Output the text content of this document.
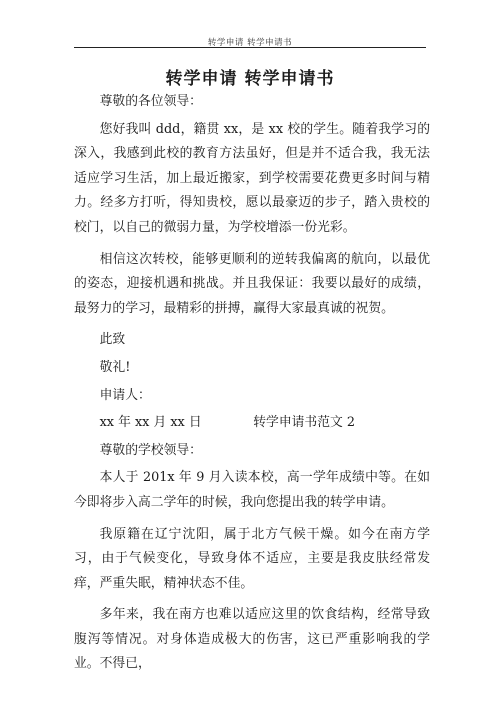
转学申请 转学申请书
转学申请 转学申请书

尊敬的各位领导：

您好我叫 ddd，籍贯 xx，是 xx 校的学生。随着我学习的深入，我感到此校的教育方法虽好，但是并不适合我，我无法适应学习生活，加上最近搬家，到学校需要花费更多时间与精力。经多方打听，得知贵校，愿以最豪迈的步子，踏入贵校的校门，以自己的微弱力量，为学校增添一份光彩。

相信这次转校，能够更顺利的逆转我偏离的航向，以最优的姿态，迎接机遇和挑战。并且我保证：我要以最好的成绩，最努力的学习，最精彩的拼搏，赢得大家最真诚的祝贺。

此致

敬礼!

申请人：

xx 年 xx 月 xx 日	转学申请书范文 2

尊敬的学校领导：

本人于 201x 年 9 月入读本校，高一学年成绩中等。在如今即将步入高二学年的时候，我向您提出我的转学申请。

我原籍在辽宁沈阳，属于北方气候干燥。如今在南方学习，由于气候变化，导致身体不适应，主要是我皮肤经常发痒，严重失眠，精神状态不佳。

多年来，我在南方也难以适应这里的饮食结构，经常导致腹泻等情况。对身体造成极大的伤害，这已严重影响我的学业。不得已，
